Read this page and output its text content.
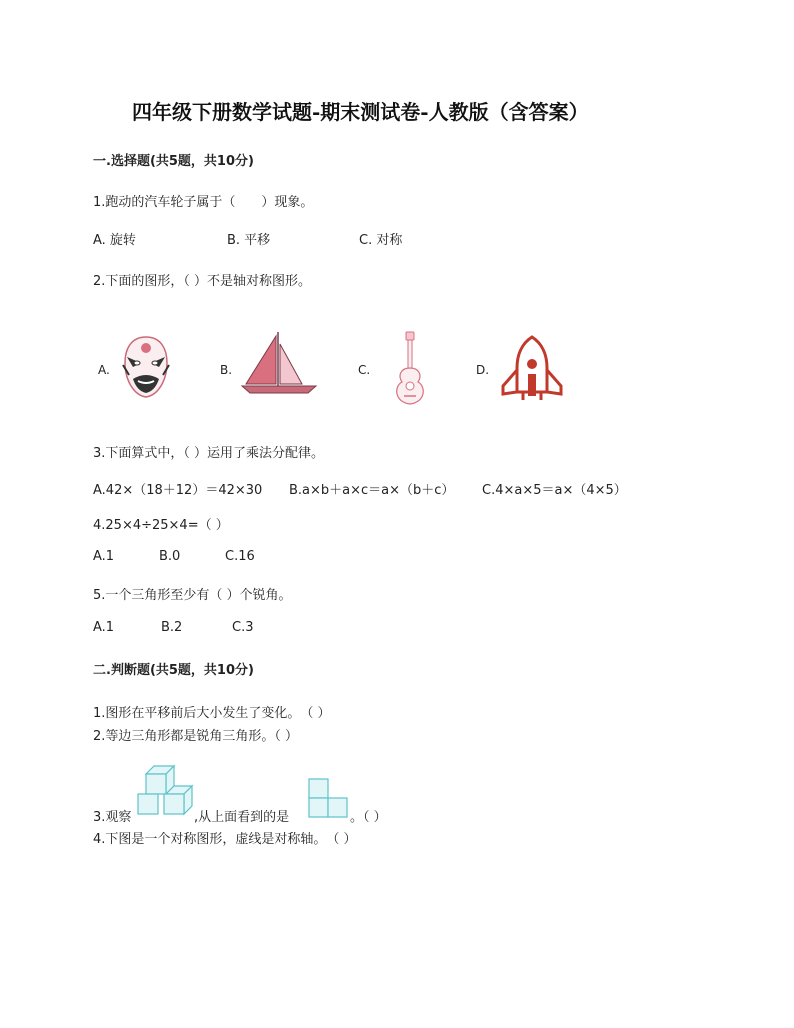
四年级下册数学试题-期末测试卷-人教版（含答案）
一.选择题(共5题，共10分)
1.跑动的汽车轮子属于（　　）现象。
A. 旋转	B. 平移	C. 对称
2.下面的图形，（ ）不是轴对称图形。
A.	B.	C.	D.
3.下面算式中，（ ）运用了乘法分配律。
A.42×（18＋12）＝42×30 B.a×b＋a×c＝a×（b＋c） C.4×a×5＝a×（4×5）
4.25×4÷25×4=（ ）
A.1	B.0	C.16
5.一个三角形至少有（ ）个锐角。
A.1	B.2	C.3
二.判断题(共5题，共10分)
1.图形在平移前后大小发生了变化。　（ ）
2.等边三角形都是锐角三角形。（ ）
3.观察	,从上面看到的是	。（ ）
4.下图是一个对称图形，虚线是对称轴。　（ ）
